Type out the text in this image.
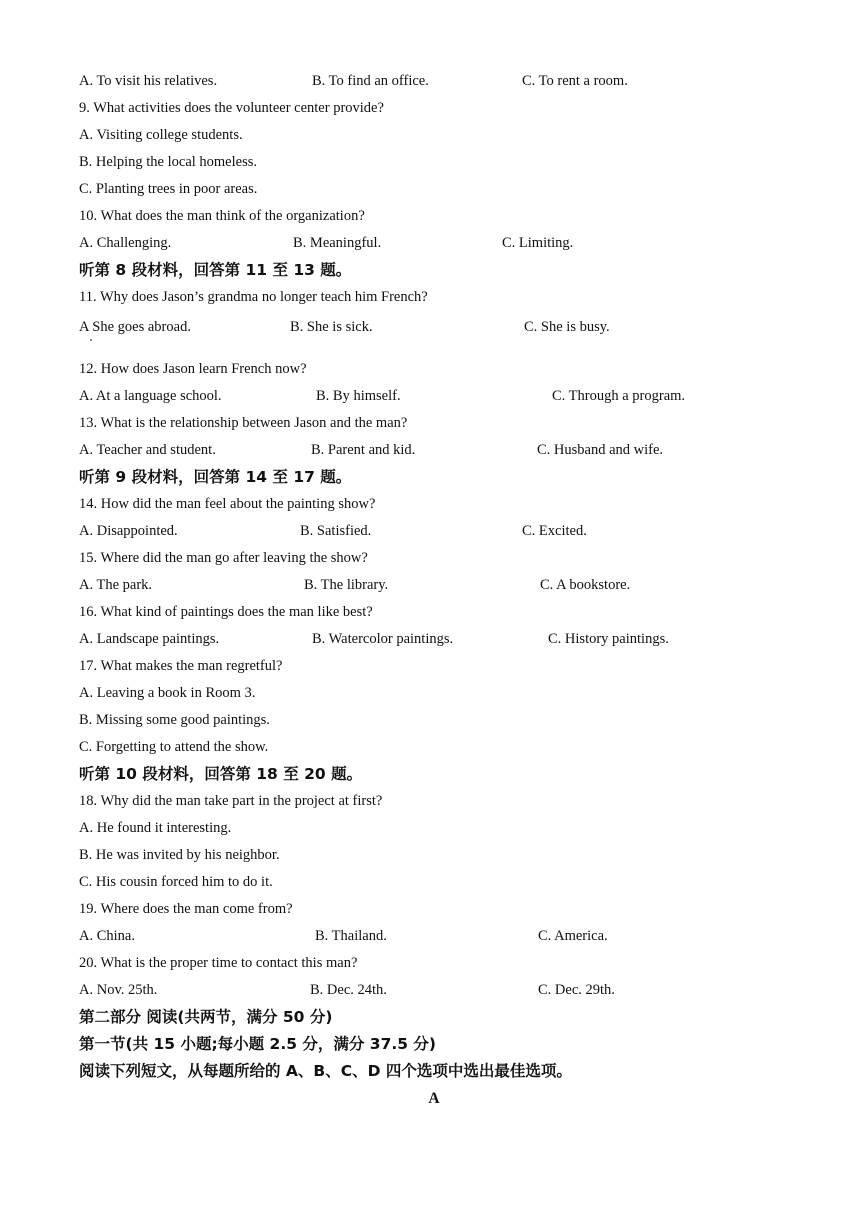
A. To visit his relatives.	B. To find an office.	C. To rent a room.
9. What activities does the volunteer center provide?
A. Visiting college students.
B. Helping the local homeless.
C. Planting trees in poor areas.
10. What does the man think of the organization?
A. Challenging.	B. Meaningful.	C. Limiting.
听第 8 段材料，回答第 11 至 13 题。
11. Why does Jason’s grandma no longer teach him French?
A She goes abroad.	B. She is sick.	C. She is busy.
12. How does Jason learn French now?
A. At a language school.	B. By himself.	C. Through a program.
13. What is the relationship between Jason and the man?
A. Teacher and student.	B. Parent and kid.	C. Husband and wife.
听第 9 段材料，回答第 14 至 17 题。
14. How did the man feel about the painting show?
A. Disappointed.	B. Satisfied.	C. Excited.
15. Where did the man go after leaving the show?
A. The park.	B. The library.	C. A bookstore.
16. What kind of paintings does the man like best?
A. Landscape paintings.	B. Watercolor paintings.	C. History paintings.
17. What makes the man regretful?
A. Leaving a book in Room 3.
B. Missing some good paintings.
C. Forgetting to attend the show.
听第 10 段材料，回答第 18 至 20 题。
18. Why did the man take part in the project at first?
A. He found it interesting.
B. He was invited by his neighbor.
C. His cousin forced him to do it.
19. Where does the man come from?
A. China.	B. Thailand.	C. America.
20. What is the proper time to contact this man?
A. Nov. 25th.	B. Dec. 24th.	C. Dec. 29th.
第二部分 阅读(共两节，满分 50 分)
第一节(共 15 小题;每小题 2.5 分，满分 37.5 分)
阅读下列短文，从每题所给的 A、B、C、D 四个选项中选出最佳选项。
A
